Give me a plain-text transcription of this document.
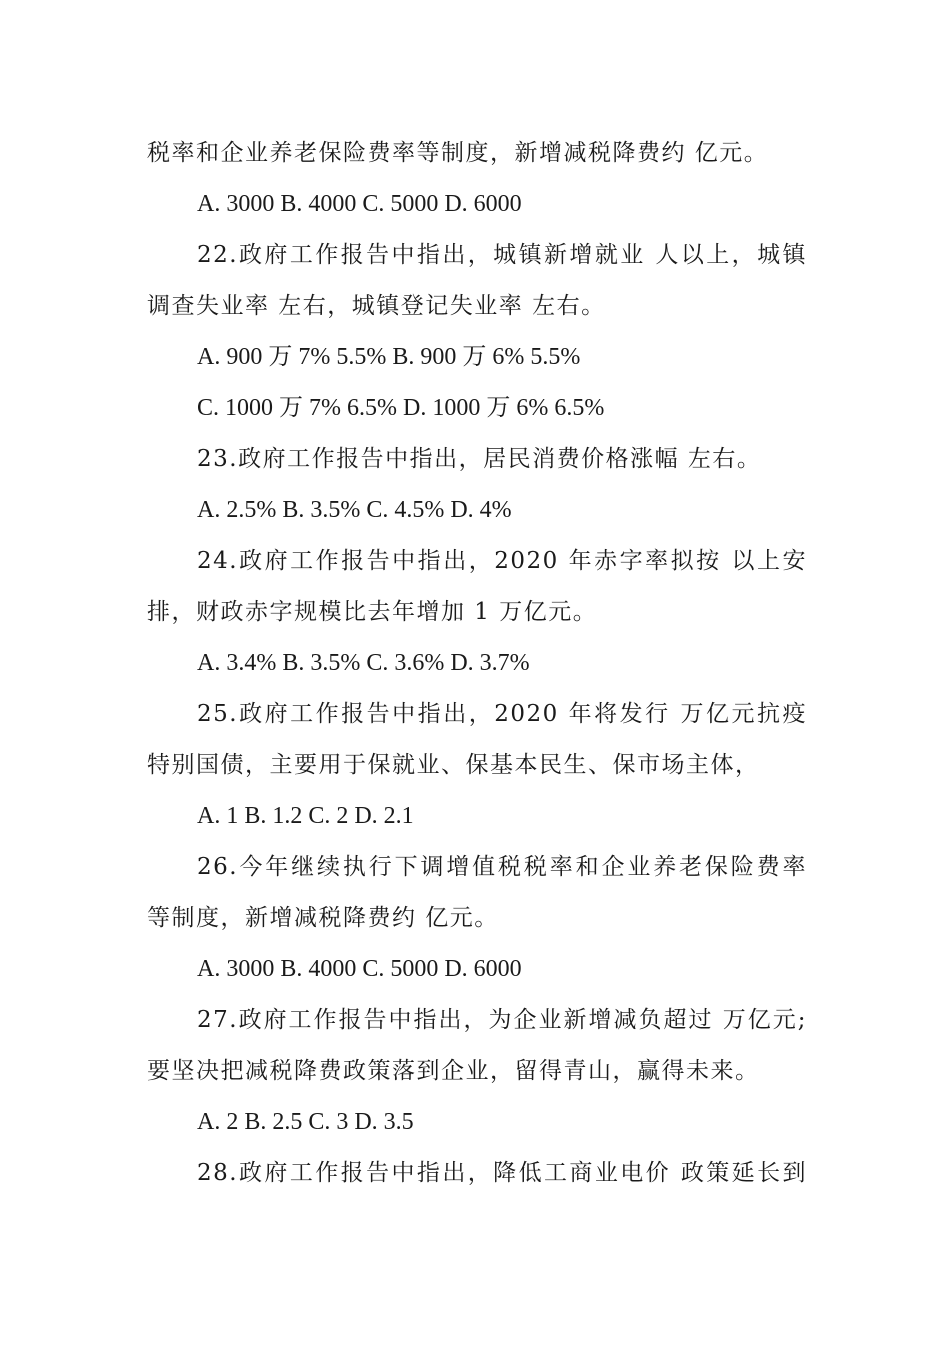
税率和企业养老保险费率等制度，新增减税降费约 亿元。
A. 3000 B. 4000 C. 5000 D. 6000
22.政府工作报告中指出，城镇新增就业 人以上，城镇
调查失业率 左右，城镇登记失业率 左右。
A. 900 万 7% 5.5% B. 900 万 6% 5.5%
C. 1000 万 7% 6.5% D. 1000 万 6% 6.5%
23.政府工作报告中指出，居民消费价格涨幅 左右。
A. 2.5% B. 3.5% C. 4.5% D. 4%
24.政府工作报告中指出，2020 年赤字率拟按 以上安
排，财政赤字规模比去年增加 1 万亿元。
A. 3.4% B. 3.5% C. 3.6% D. 3.7%
25.政府工作报告中指出，2020 年将发行 万亿元抗疫
特别国债，主要用于保就业、保基本民生、保市场主体，
A. 1 B. 1.2 C. 2 D. 2.1
26.今年继续执行下调增值税税率和企业养老保险费率
等制度，新增减税降费约 亿元。
A. 3000 B. 4000 C. 5000 D. 6000
27.政府工作报告中指出，为企业新增减负超过 万亿元;
要坚决把减税降费政策落到企业，留得青山，赢得未来。
A. 2 B. 2.5 C. 3 D. 3.5
28.政府工作报告中指出，降低工商业电价 政策延长到
